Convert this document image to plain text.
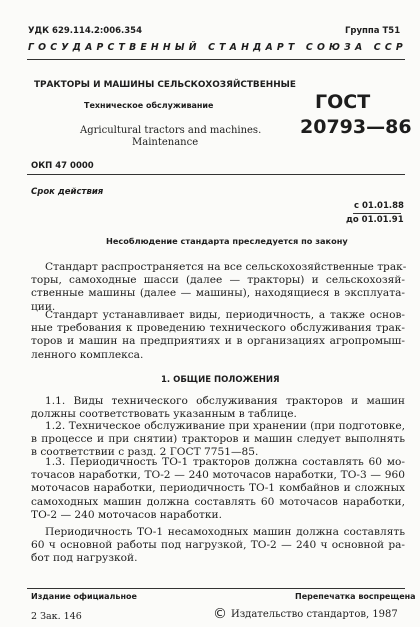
УДК 629.114.2:006.354	Группа Т51
ГОСУДАРСТВЕННЫЙ СТАНДАРТ СОЮЗА ССР
ТРАКТОРЫ И МАШИНЫ СЕЛЬСКОХОЗЯЙСТВЕННЫЕ
Техническое обслуживание
Agricultural tractors and machines.
Maintenance
ГОСТ
20793—86
ОКП 47 0000
Срок действия
с 01.01.88
до 01.01.91
Несоблюдение стандарта преследуется по закону
Стандарт распространяется на все сельскохозяйственные трак-
торы, самоходные шасси (далее — тракторы) и сельскохозяй-
ственные машины (далее — машины), находящиеся в эксплуата-
ции.
Стандарт устанавливает виды, периодичность, а также основ-
ные требования к проведению технического обслуживания трак-
торов и машин на предприятиях и в организациях агропромыш-
ленного комплекса.
1. ОБЩИЕ ПОЛОЖЕНИЯ
1.1. Виды технического обслуживания тракторов и машин
должны соответствовать указанным в таблице.
1.2. Техническое обслуживание при хранении (при подготовке,
в процессе и при снятии) тракторов и машин следует выполнять
в соответствии с разд. 2 ГОСТ 7751—85.
1.3. Периодичность ТО-1 тракторов должна составлять 60 мо-
точасов наработки, ТО-2 — 240 моточасов наработки, ТО-3 — 960
моточасов наработки, периодичность ТО-1 комбайнов и сложных
самоходных машин должна составлять 60 моточасов наработки,
ТО-2 — 240 моточасов наработки.
Периодичность ТО-1 несамоходных машин должна составлять
60 ч основной работы под нагрузкой, ТО-2 — 240 ч основной ра-
бот под нагрузкой.
Издание официальное	Перепечатка воспрещена
2 Зак. 146	© Издательство стандартов, 1987
